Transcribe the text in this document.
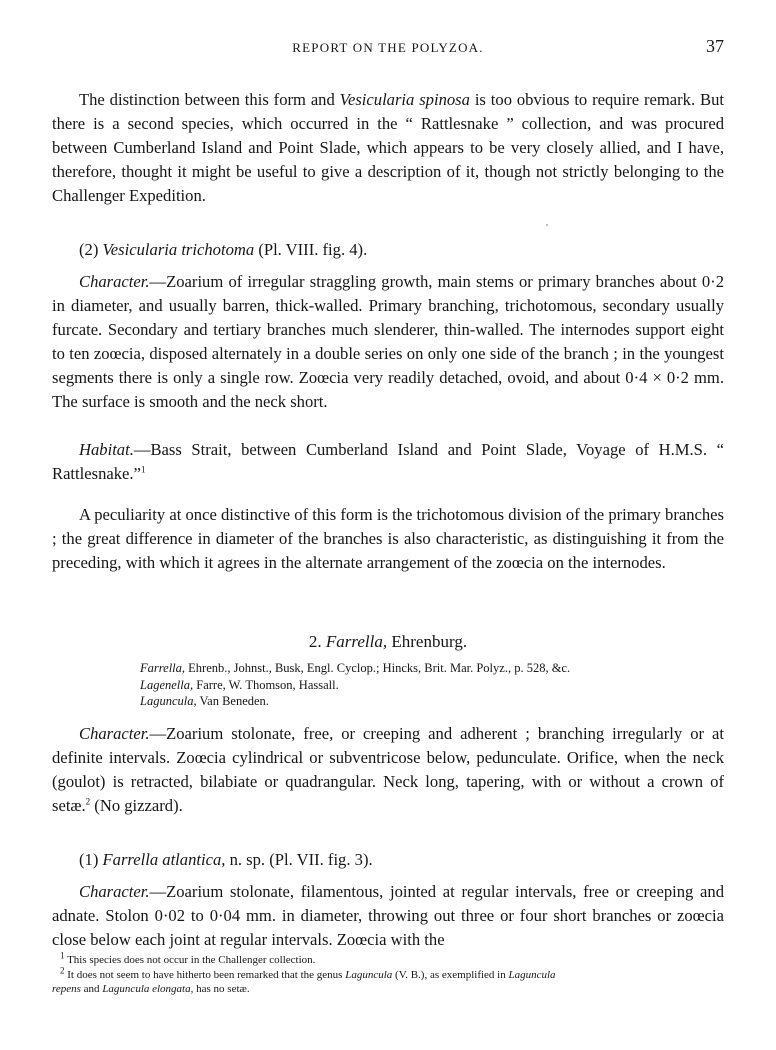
REPORT ON THE POLYZOA.	37

The distinction between this form and Vesicularia spinosa is too obvious to require remark. But there is a second species, which occurred in the “ Rattlesnake ” collection, and was procured between Cumberland Island and Point Slade, which appears to be very closely allied, and I have, therefore, thought it might be useful to give a description of it, though not strictly belonging to the Challenger Expedition.

(2) Vesicularia trichotoma (Pl. VIII. fig. 4).

Character.—Zoarium of irregular straggling growth, main stems or primary branches about 0·2 in diameter, and usually barren, thick-walled. Primary branching, trichotomous, secondary usually furcate. Secondary and tertiary branches much slenderer, thin-walled. The internodes support eight to ten zoœcia, disposed alternately in a double series on only one side of the branch ; in the youngest segments there is only a single row. Zoœcia very readily detached, ovoid, and about 0·4 × 0·2 mm. The surface is smooth and the neck short.

Habitat.—Bass Strait, between Cumberland Island and Point Slade, Voyage of H.M.S. “ Rattlesnake.”$^1$

A peculiarity at once distinctive of this form is the trichotomous division of the primary branches ; the great difference in diameter of the branches is also characteristic, as distinguishing it from the preceding, with which it agrees in the alternate arrangement of the zoœcia on the internodes.

2. Farrella, Ehrenburg.

Farrella, Ehrenb., Johnst., Busk, Engl. Cyclop.; Hincks, Brit. Mar. Polyz., p. 528, &c.
Lagenella, Farre, W. Thomson, Hassall.
Laguncula, Van Beneden.

Character.—Zoarium stolonate, free, or creeping and adherent ; branching irregularly or at definite intervals. Zoœcia cylindrical or subventricose below, pedunculate. Orifice, when the neck (goulot) is retracted, bilabiate or quadrangular. Neck long, tapering, with or without a crown of setæ.$^2$ (No gizzard).

(1) Farrella atlantica, n. sp. (Pl. VII. fig. 3).

Character.—Zoarium stolonate, filamentous, jointed at regular intervals, free or creeping and adnate. Stolon 0·02 to 0·04 mm. in diameter, throwing out three or four short branches or zoœcia close below each joint at regular intervals. Zoœcia with the

$^1$ This species does not occur in the Challenger collection.
$^2$ It does not seem to have hitherto been remarked that the genus Laguncula (V. B.), as exemplified in Laguncula
repens and Laguncula elongata, has no setæ.
